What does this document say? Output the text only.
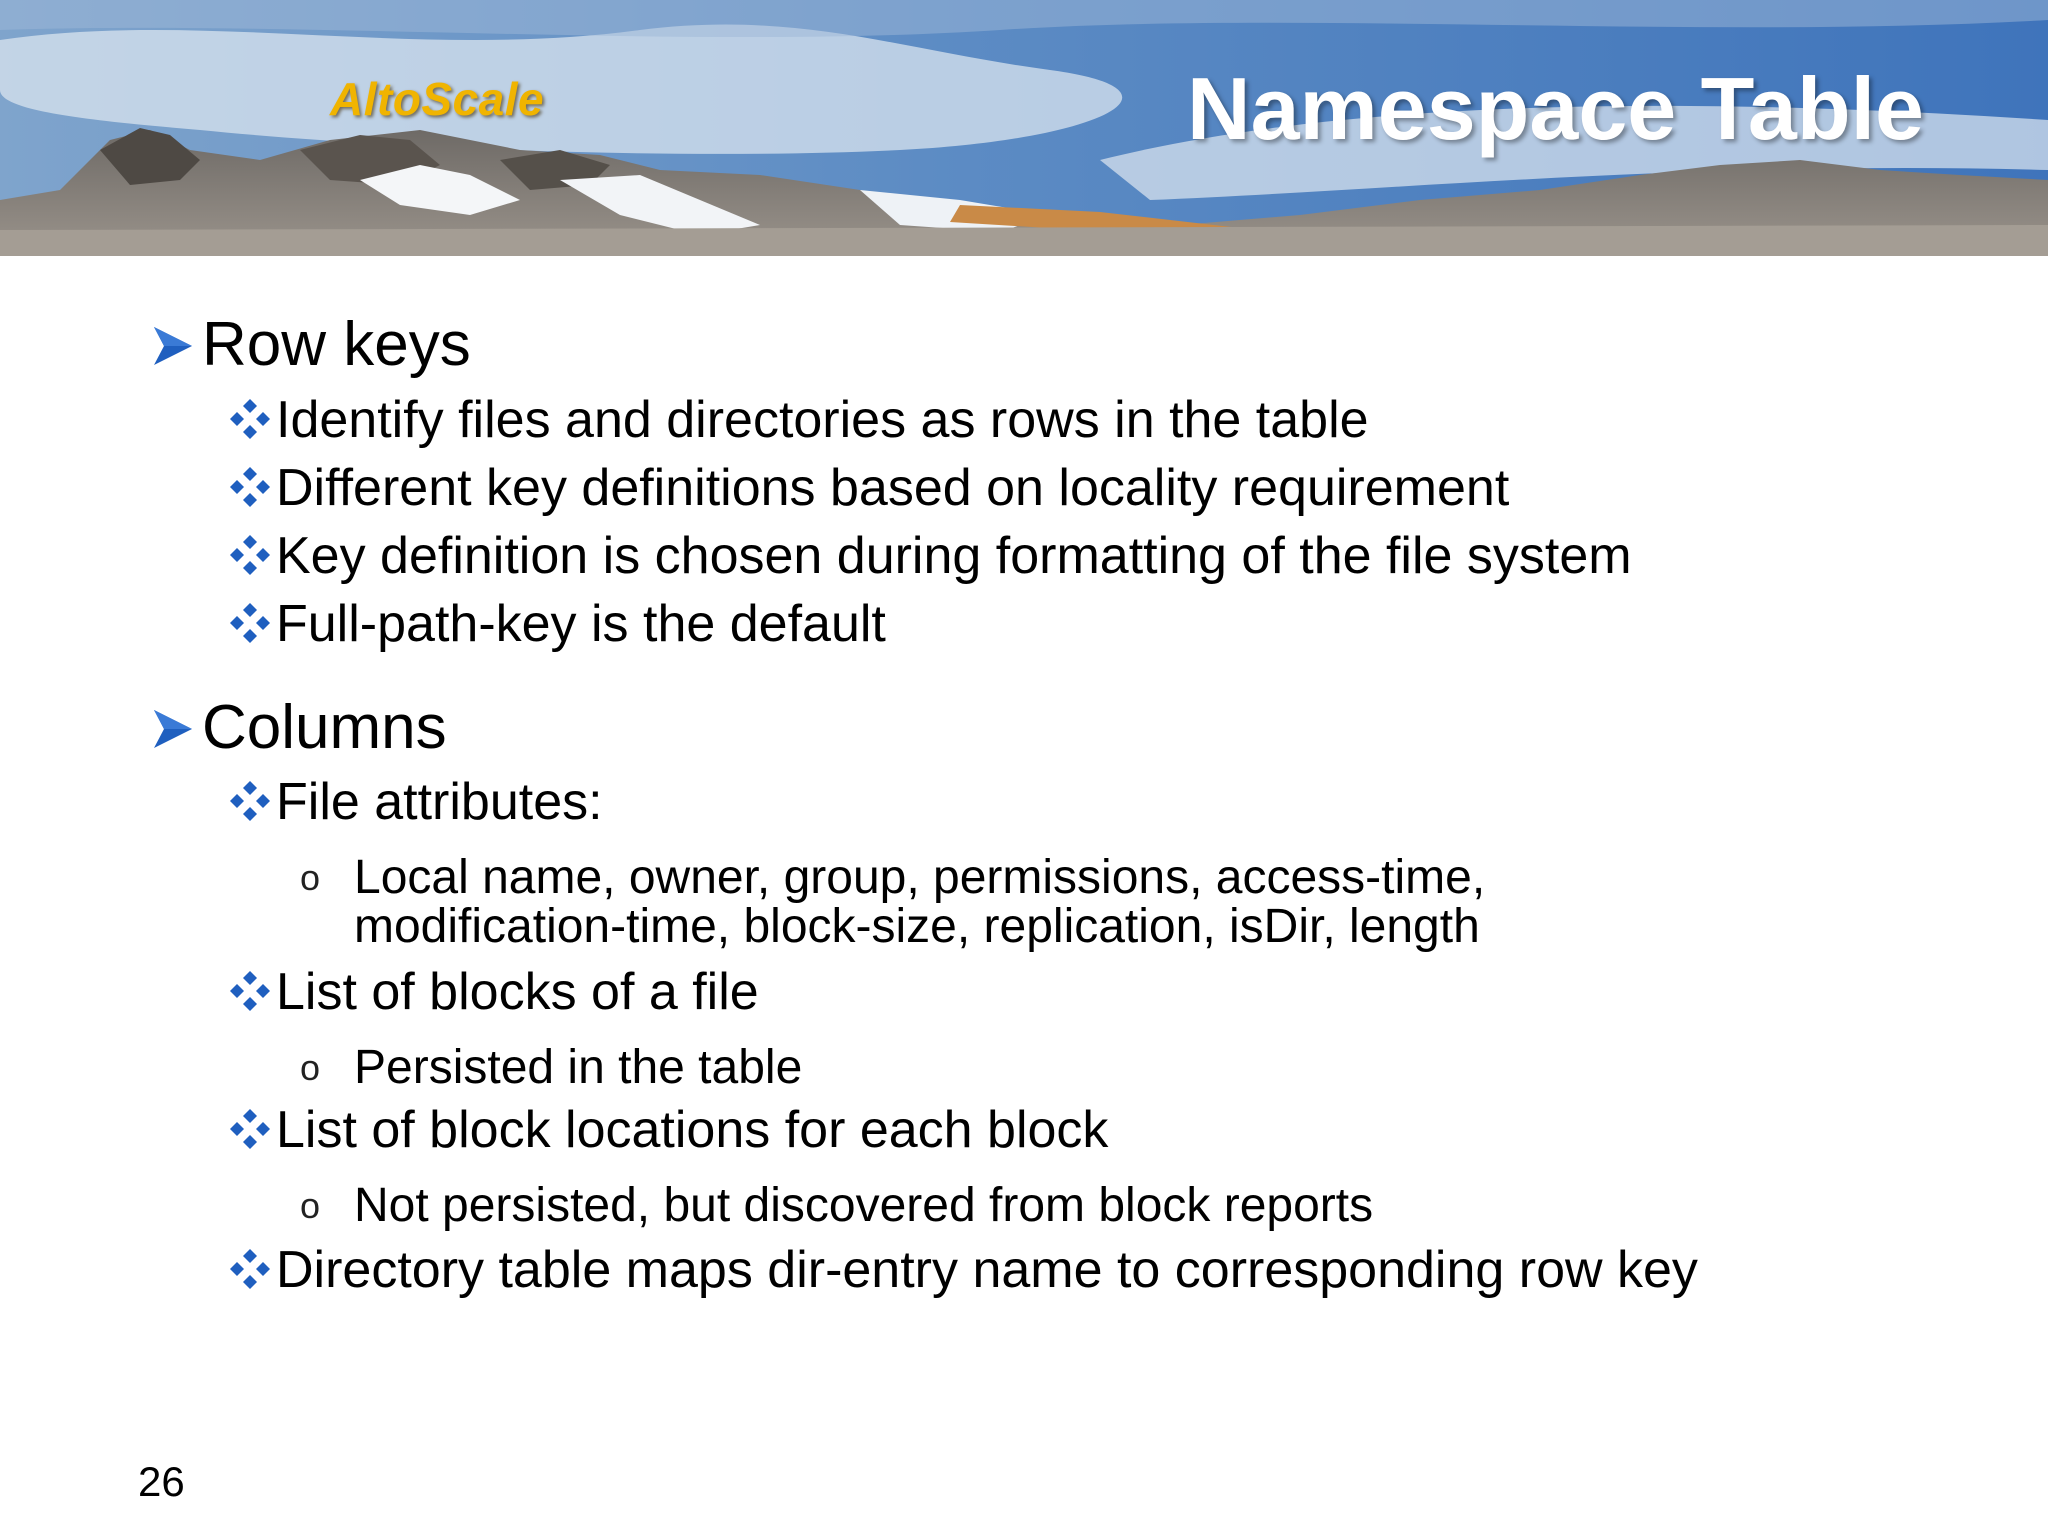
AltoScale	Namespace Table
Row keys
Identify files and directories as rows in the table
Different key definitions based on locality requirement
Key definition is chosen during formatting of the file system
Full-path-key is the default
Columns
File attributes:
o Local name, owner, group, permissions, access-time,
modification-time, block-size, replication, isDir, length
List of blocks of a file
o Persisted in the table
List of block locations for each block
o Not persisted, but discovered from block reports
Directory table maps dir-entry name to corresponding row key
26
